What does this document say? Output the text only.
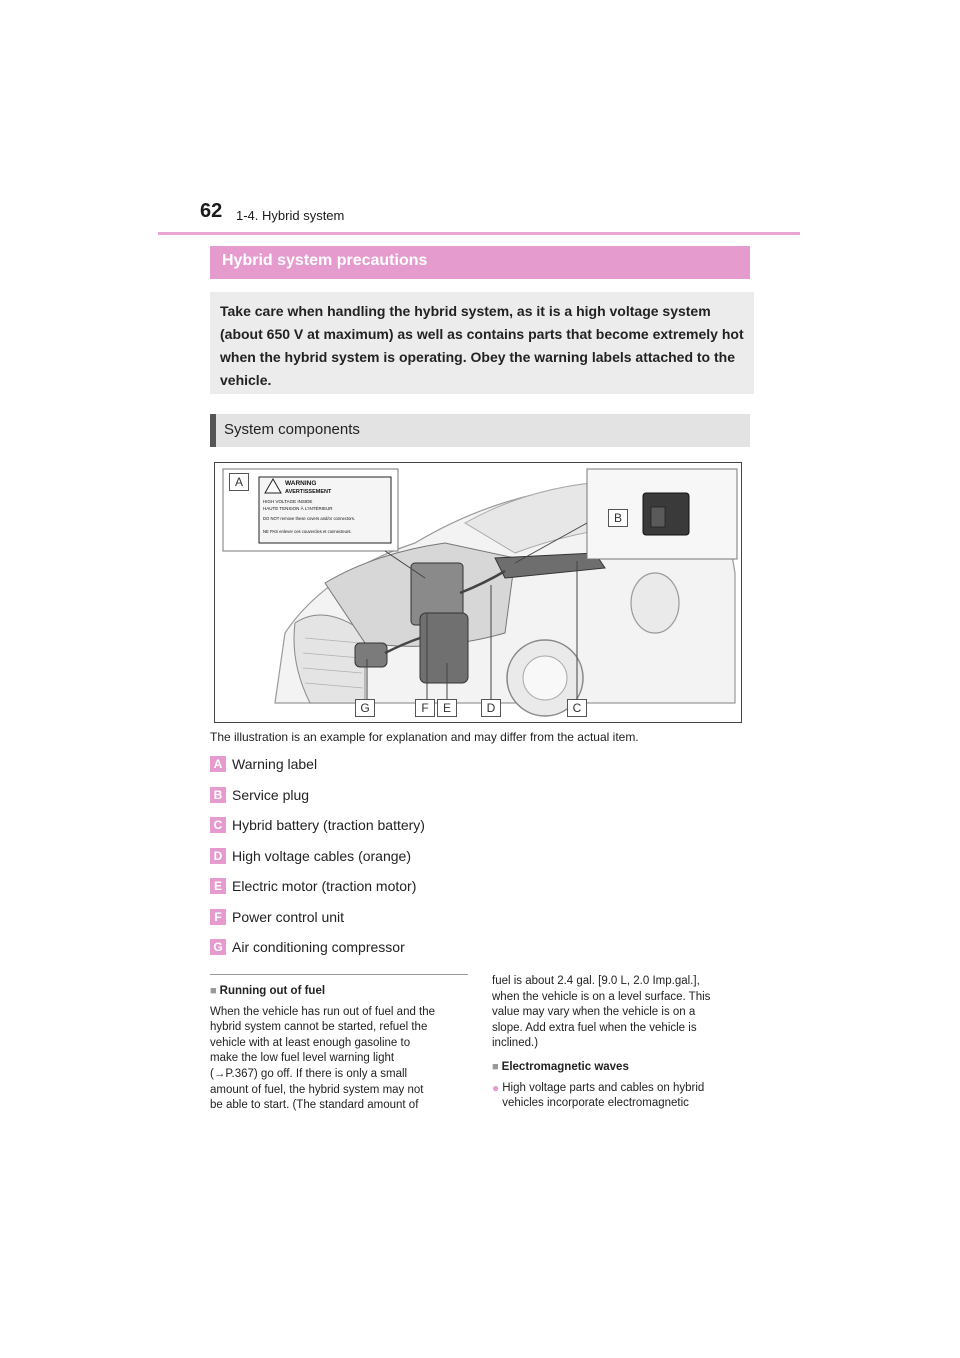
62 1-4. Hybrid system
Hybrid system precautions

Take care when handling the hybrid system, as it is a high voltage system (about 650 V at maximum) as well as contains parts that become extremely hot when the hybrid system is operating. Obey the warning labels attached to the vehicle.

System components
WARNING
AVERTISSEMENT
HIGH VOLTAGE INSIDE
HAUTE TENSION À L'INTÉRIEUR
DO NOT remove these covers and/or connectors.
NE PAS enlever ces couvercles et connecteurs.
A
B
C
D
E
F
G
The illustration is an example for explanation and may differ from the actual item.
A Warning label
B Service plug
C Hybrid battery (traction battery)
D High voltage cables (orange)
E Electric motor (traction motor)
F Power control unit
G Air conditioning compressor

■ Running out of fuel

When the vehicle has run out of fuel and the

hybrid system cannot be started, refuel the

vehicle with at least enough gasoline to

make the low fuel level warning light

(→P.367) go off. If there is only a small

amount of fuel, the hybrid system may not

be able to start. (The standard amount of

fuel is about 2.4 gal. [9.0 L, 2.0 Imp.gal.],

when the vehicle is on a level surface. This

value may vary when the vehicle is on a

slope. Add extra fuel when the vehicle is

inclined.)

■ Electromagnetic waves

● High voltage parts and cables on hybrid

vehicles incorporate electromagnetic
